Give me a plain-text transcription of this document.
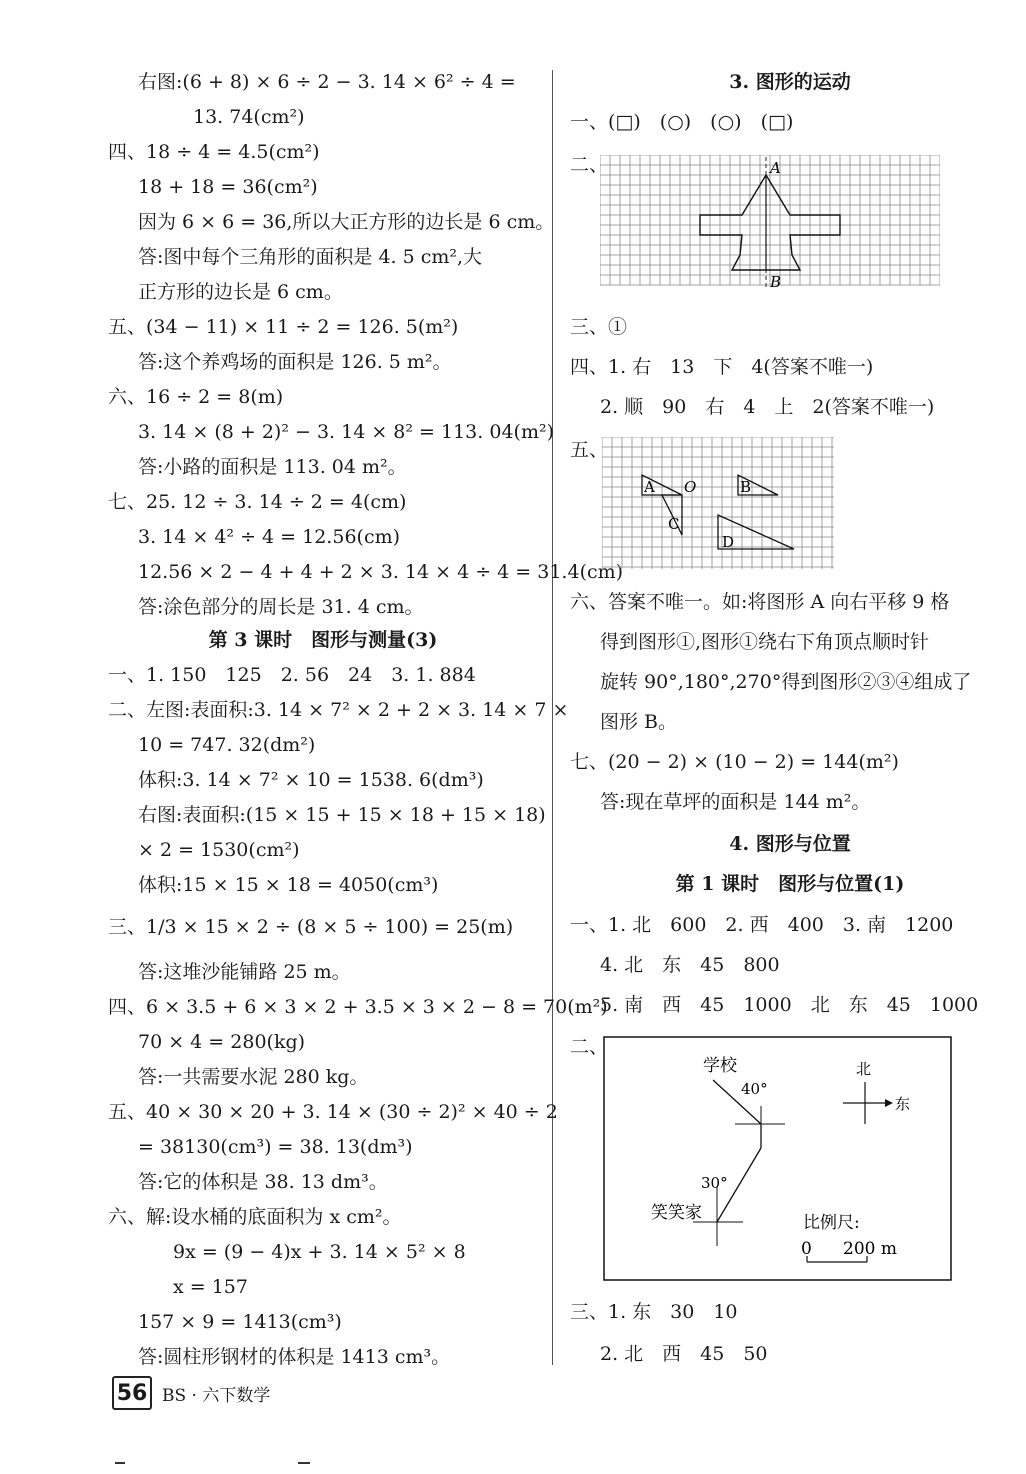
右图:(6 + 8) × 6 ÷ 2 − 3. 14 × 6² ÷ 4 =
13. 74(cm²)
四、18 ÷ 4 = 4.5(cm²)
18 + 18 = 36(cm²)
因为 6 × 6 = 36,所以大正方形的边长是 6 cm。
答:图中每个三角形的面积是 4. 5 cm²,大
正方形的边长是 6 cm。
五、(34 − 11) × 11 ÷ 2 = 126. 5(m²)
答:这个养鸡场的面积是 126. 5 m²。
六、16 ÷ 2 = 8(m)
3. 14 × (8 + 2)² − 3. 14 × 8² = 113. 04(m²)
答:小路的面积是 113. 04 m²。
七、25. 12 ÷ 3. 14 ÷ 2 = 4(cm)
3. 14 × 4² ÷ 4 = 12.56(cm)
12.56 × 2 − 4 + 4 + 2 × 3. 14 × 4 ÷ 4 = 31.4(cm)
答:涂色部分的周长是 31. 4 cm。
第 3 课时　图形与测量(3)
一、1. 150　125　2. 56　24　3. 1. 884
二、左图:表面积:3. 14 × 7² × 2 + 2 × 3. 14 × 7 ×
10 = 747. 32(dm²)
体积:3. 14 × 7² × 10 = 1538. 6(dm³)
右图:表面积:(15 × 15 + 15 × 18 + 15 × 18)
× 2 = 1530(cm²)
体积:15 × 15 × 18 = 4050(cm³)
三、1/3 × 15 × 2 ÷ (8 × 5 ÷ 100) = 25(m)
答:这堆沙能铺路 25 m。
四、6 × 3.5 + 6 × 3 × 2 + 3.5 × 3 × 2 − 8 = 70(m²)
70 × 4 = 280(kg)
答:一共需要水泥 280 kg。
五、40 × 30 × 20 + 3. 14 × (30 ÷ 2)² × 40 ÷ 2
= 38130(cm³) = 38. 13(dm³)
答:它的体积是 38. 13 dm³。
六、解:设水桶的底面积为 x cm²。
9x = (9 − 4)x + 3. 14 × 5² × 8
x = 157
157 × 9 = 1413(cm³)
答:圆柱形钢材的体积是 1413 cm³。
3. 图形的运动
一、(□)　(○)　(○)　(□)
二、
三、①
四、1. 右　13　下　4(答案不唯一)
2. 顺　90　右　4　上　2(答案不唯一)
五、
六、答案不唯一。如:将图形 A 向右平移 9 格
得到图形①,图形①绕右下角顶点顺时针
旋转 90°,180°,270°得到图形②③④组成了
图形 B。
七、(20 − 2) × (10 − 2) = 144(m²)
答:现在草坪的面积是 144 m²。
4. 图形与位置
第 1 课时　图形与位置(1)
一、1. 北　600　2. 西　400　3. 南　1200
4. 北　东　45　800
5. 南　西　45　1000　北　东　45　1000
二、
三、1. 东　30　10
2. 北　西　45　50
A
B
A O	B
C
D
学校
40°
30°
笑笑家
北
东
比例尺:
0 200 m
56 BS · 六下数学
